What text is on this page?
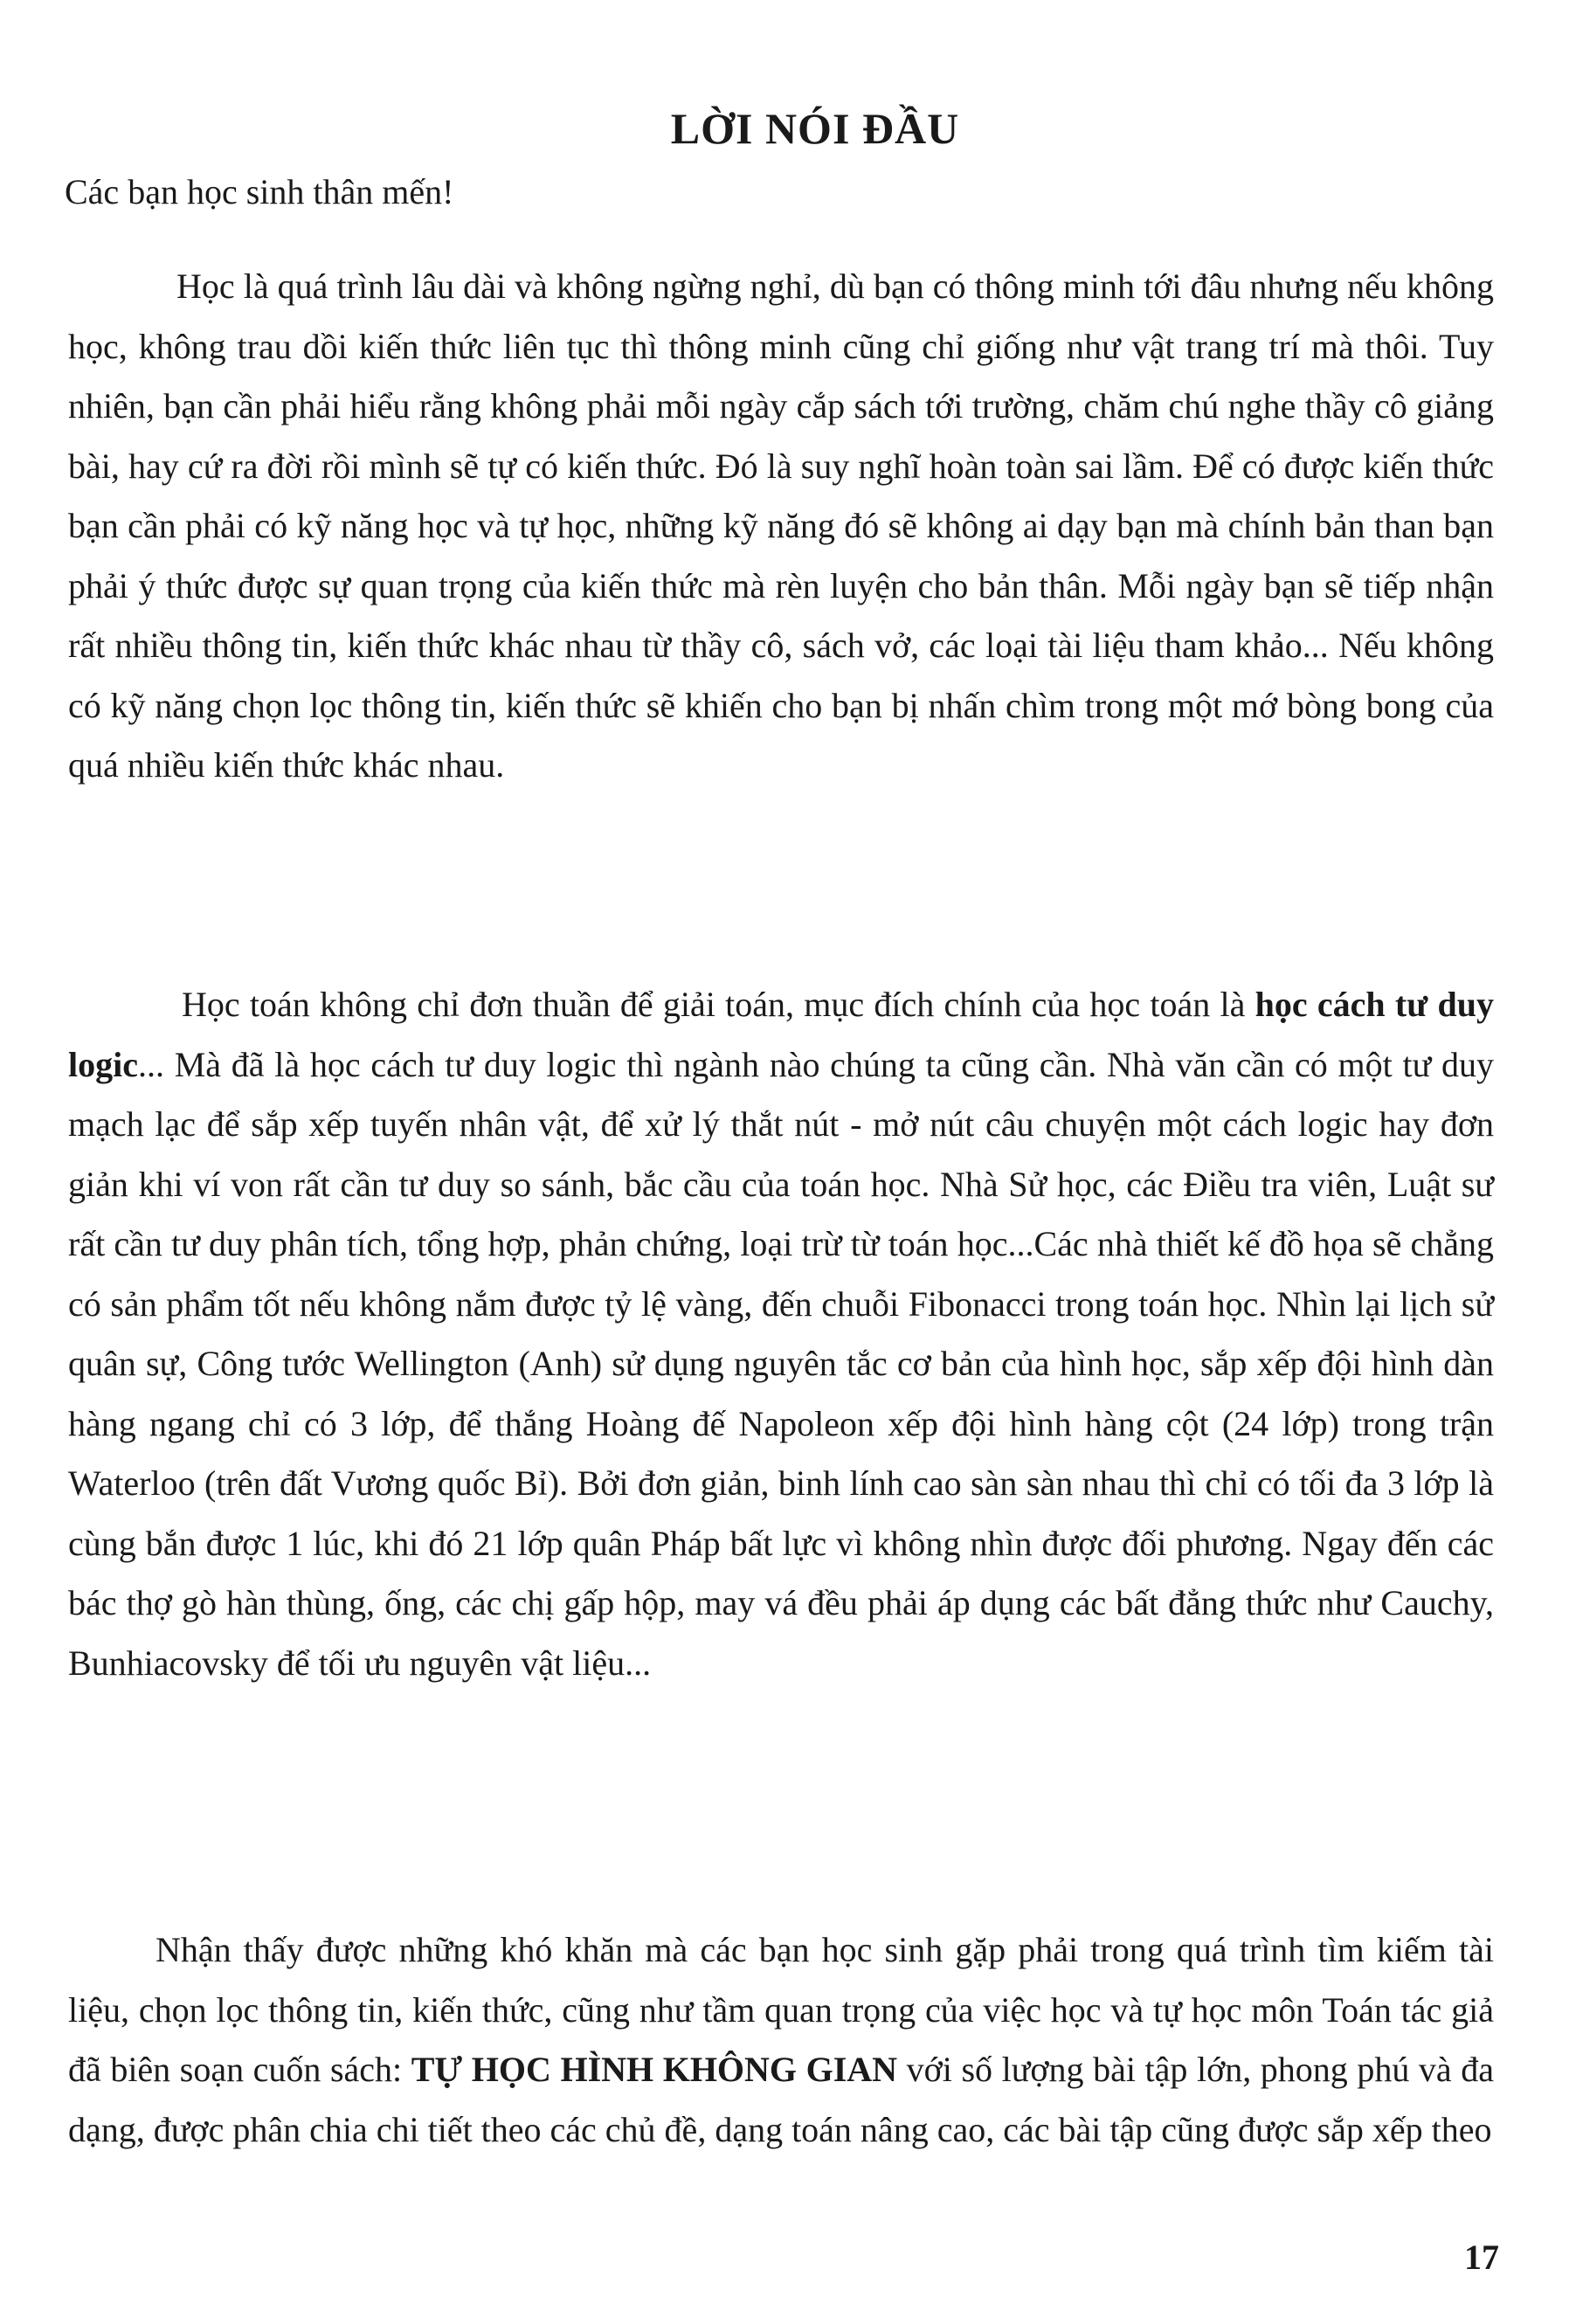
LỜI NÓI ĐẦU
Các bạn học sinh thân mến!

Học là quá trình lâu dài và không ngừng nghỉ, dù bạn có thông minh tới đâu nhưng nếu không học, không trau dồi kiến thức liên tục thì thông minh cũng chỉ giống như vật trang trí mà thôi. Tuy nhiên, bạn cần phải hiểu rằng không phải mỗi ngày cắp sách tới trường, chăm chú nghe thầy cô giảng bài, hay cứ ra đời rồi mình sẽ tự có kiến thức. Đó là suy nghĩ hoàn toàn sai lầm. Để có được kiến thức bạn cần phải có kỹ năng học và tự học, những kỹ năng đó sẽ không ai dạy bạn mà chính bản than bạn phải ý thức được sự quan trọng của kiến thức mà rèn luyện cho bản thân. Mỗi ngày bạn sẽ tiếp nhận rất nhiều thông tin, kiến thức khác nhau từ thầy cô, sách vở, các loại tài liệu tham khảo... Nếu không có kỹ năng chọn lọc thông tin, kiến thức sẽ khiến cho bạn bị nhấn chìm trong một mớ bòng bong của quá nhiều kiến thức khác nhau.

Học toán không chỉ đơn thuần để giải toán, mục đích chính của học toán là học cách tư duy logic... Mà đã là học cách tư duy logic thì ngành nào chúng ta cũng cần. Nhà văn cần có một tư duy mạch lạc để sắp xếp tuyến nhân vật, để xử lý thắt nút - mở nút câu chuyện một cách logic hay đơn giản khi ví von rất cần tư duy so sánh, bắc cầu của toán học. Nhà Sử học, các Điều tra viên, Luật sư rất cần tư duy phân tích, tổng hợp, phản chứng, loại trừ từ toán học...Các nhà thiết kế đồ họa sẽ chẳng có sản phẩm tốt nếu không nắm được tỷ lệ vàng, đến chuỗi Fibonacci trong toán học. Nhìn lại lịch sử quân sự, Công tước Wellington (Anh) sử dụng nguyên tắc cơ bản của hình học, sắp xếp đội hình dàn hàng ngang chỉ có 3 lớp, để thắng Hoàng đế Napoleon xếp đội hình hàng cột (24 lớp) trong trận Waterloo (trên đất Vương quốc Bỉ). Bởi đơn giản, binh lính cao sàn sàn nhau thì chỉ có tối đa 3 lớp là cùng bắn được 1 lúc, khi đó 21 lớp quân Pháp bất lực vì không nhìn được đối phương. Ngay đến các bác thợ gò hàn thùng, ống, các chị gấp hộp, may vá đều phải áp dụng các bất đẳng thức như Cauchy, Bunhiacovsky để tối ưu nguyên vật liệu...

Nhận thấy được những khó khăn mà các bạn học sinh gặp phải trong quá trình tìm kiếm tài liệu, chọn lọc thông tin, kiến thức, cũng như tầm quan trọng của việc học và tự học môn Toán tác giả đã biên soạn cuốn sách: TỰ HỌC HÌNH KHÔNG GIAN với số lượng bài tập lớn, phong phú và đa dạng, được phân chia chi tiết theo các chủ đề, dạng toán nâng cao, các bài tập cũng được sắp xếp theo

17
